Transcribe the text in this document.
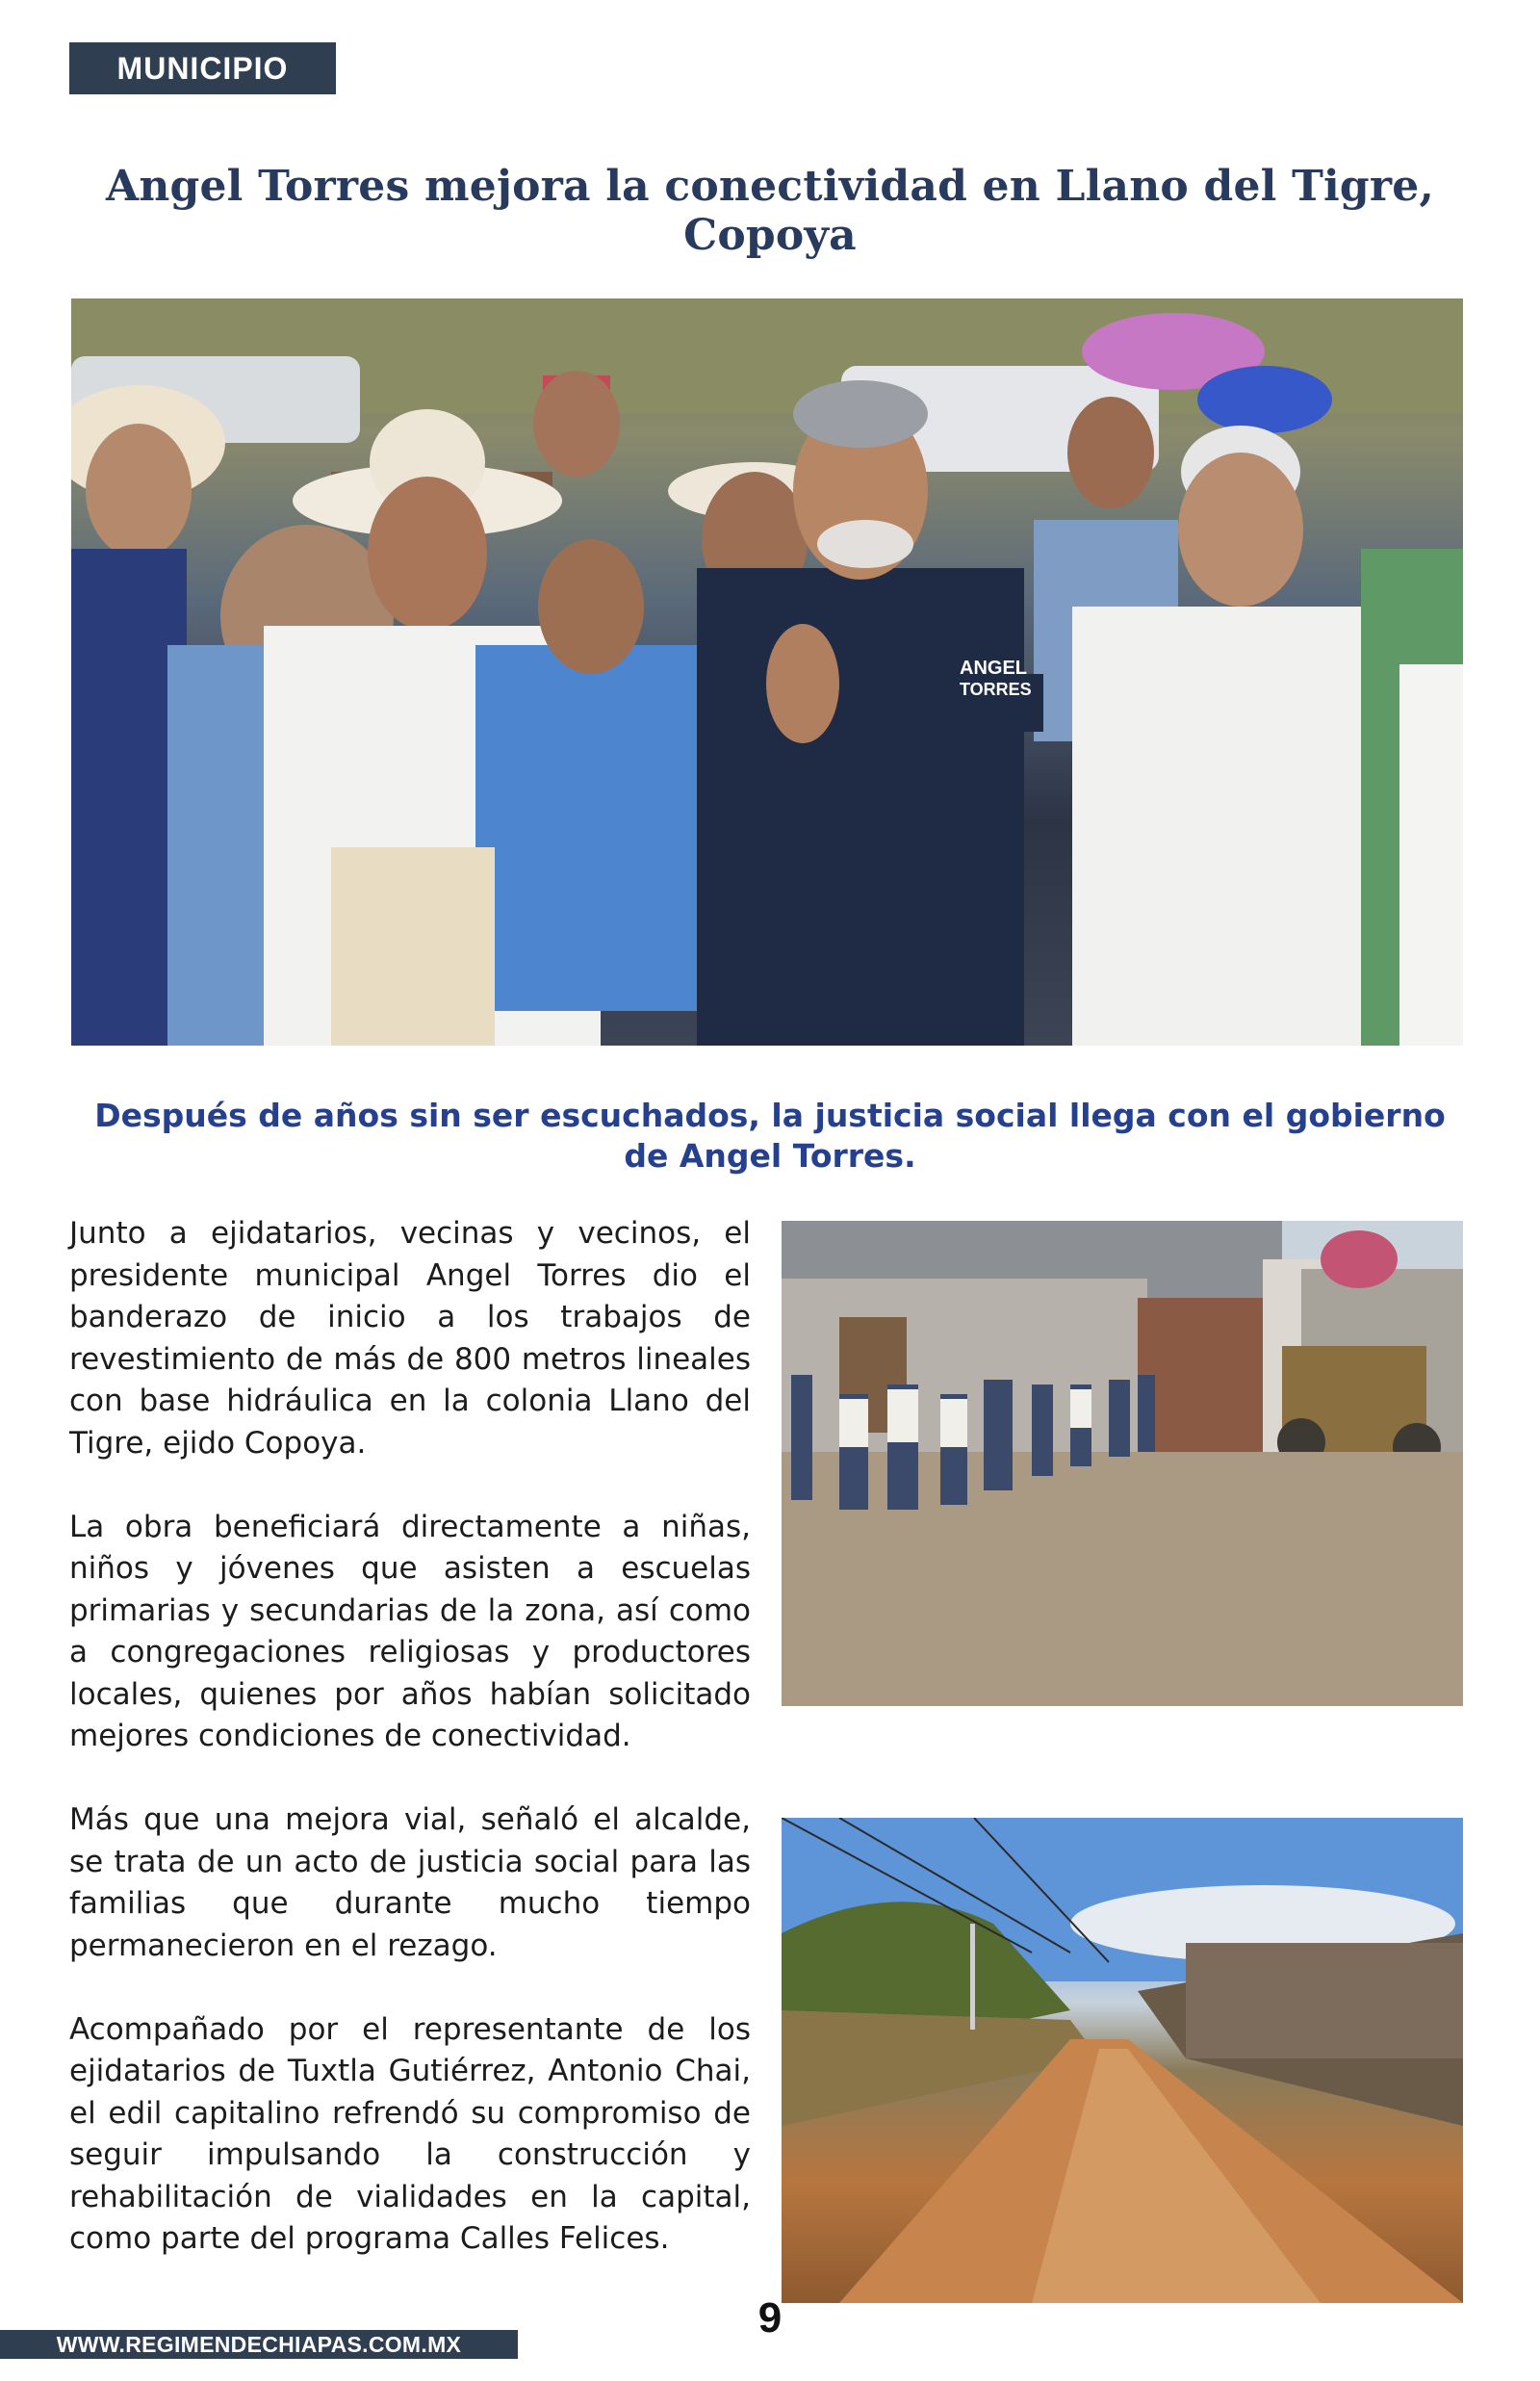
MUNICIPIO
Angel Torres mejora la conectividad en Llano del Tigre, Copoya
ANGEL
TORRES
Después de años sin ser escuchados, la justicia social llega con el gobierno de Angel Torres.

Junto a ejidatarios, vecinas y vecinos, el presidente municipal Angel Torres dio el banderazo de inicio a los trabajos de revestimiento de más de 800 metros lineales con base hidráulica en la colonia Llano del Tigre, ejido Copoya.

La obra beneficiará directamente a niñas, niños y jóvenes que asisten a escuelas primarias y secundarias de la zona, así como a congregaciones religiosas y productores locales, quienes por años habían solicitado mejores condiciones de conectividad.

Más que una mejora vial, señaló el alcalde, se trata de un acto de justicia social para las familias que durante mucho tiempo permanecieron en el rezago.

Acompañado por el representante de los ejidatarios de Tuxtla Gutiérrez, Antonio Chai, el edil capitalino refrendó su compromiso de seguir impulsando la construcción y rehabilitación de vialidades en la capital, como parte del programa Calles Felices.

9
WWW.REGIMENDECHIAPAS.COM.MX
